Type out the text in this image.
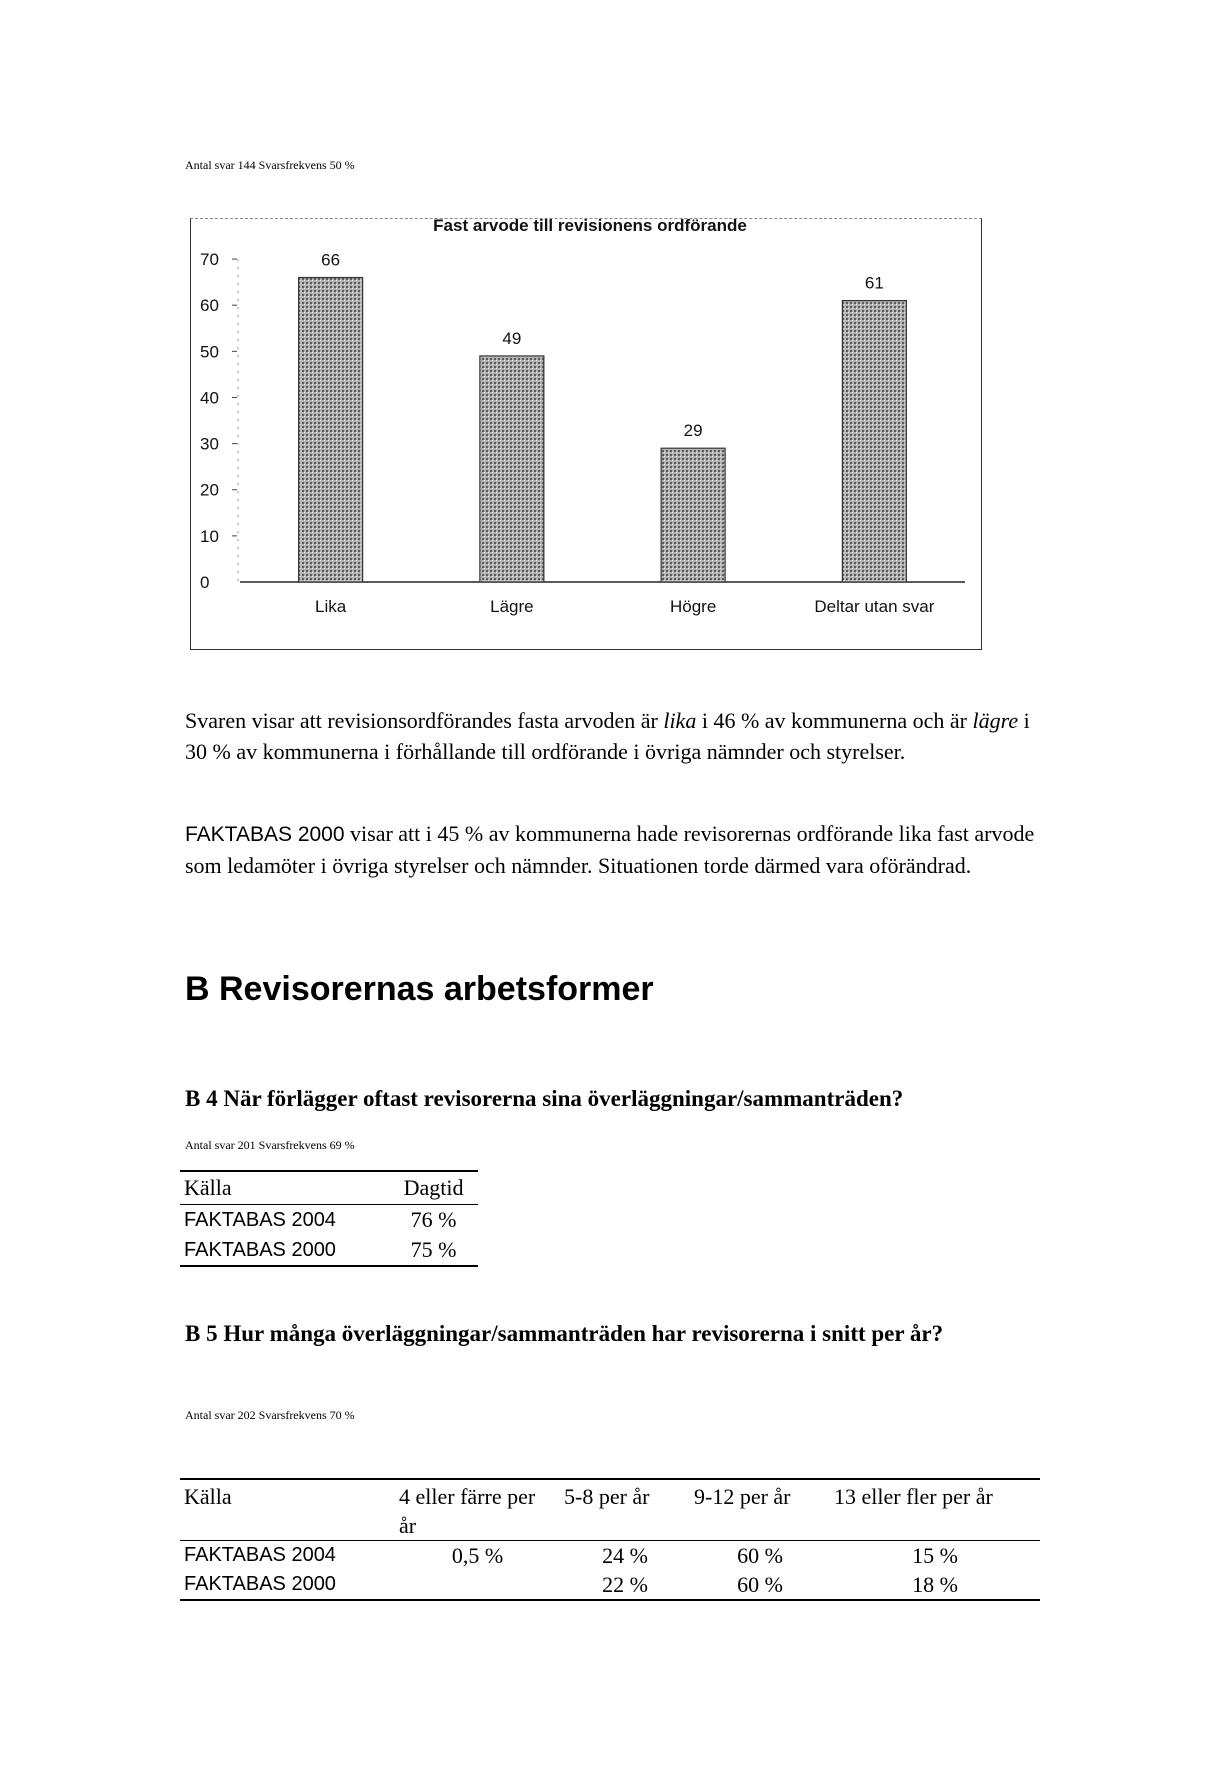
Antal svar 144 Svarsfrekvens 50 %
Fast arvode till revisionens ordförande
0
10
20
30
40
50
60
70	66
Lika
49
Lägre
29
Högre
61
Deltar utan svar
Svaren visar att revisionsordförandes fasta arvoden är lika i 46 % av kommunerna och är lägre i 30 % av kommunerna i förhållande till ordförande i övriga nämnder och styrelser.
FAKTABAS 2000 visar att i 45 % av kommunerna hade revisorernas ordförande lika fast arvode som ledamöter i övriga styrelser och nämnder. Situationen torde därmed vara oförändrad.
B Revisorernas arbetsformer
B 4 När förlägger oftast revisorerna sina överläggningar/sammanträden?
Antal svar 201 Svarsfrekvens 69 %
Källa	Dagtid
FAKTABAS 2004	76 %
FAKTABAS 2000	75 %
B 5 Hur många överläggningar/sammanträden har revisorerna i snitt per år?
Antal svar 202 Svarsfrekvens 70 %
Källa	4 eller färre per år	5-8 per år	9-12 per år	13 eller fler per år
FAKTABAS 2004	0,5 %	24 %	60 %	15 %
FAKTABAS 2000		22 %	60 %	18 %
